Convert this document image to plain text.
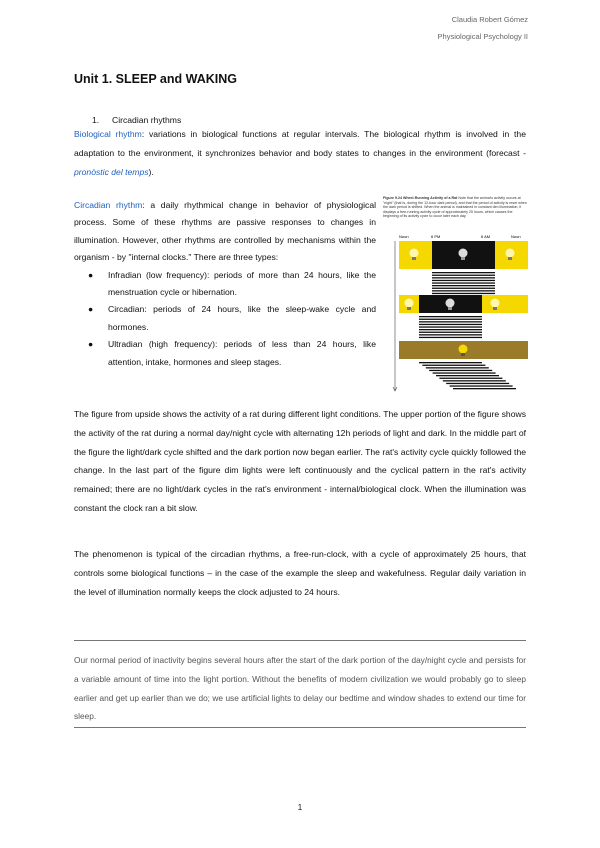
Claudia Robert Gómez
Physiological Psychology II
Unit 1. SLEEP and WAKING
1. Circadian rhythms

Biological rhythm: variations in biological functions at regular intervals. The biological rhythm is involved in the adaptation to the environment, it synchronizes behavior and body states to changes in the environment (forecast - pronòstic del temps).

Circadian rhythm: a daily rhythmical change in behavior of physiological process. Some of these rhythms are passive responses to changes in illumination. However, other rhythms are controlled by mechanisms within the organism - by "internal clocks." There are three types:

● Infradian (low frequency): periods of more than 24 hours, like the menstruation cycle or hibernation.
● Circadian: periods of 24 hours, like the sleep-wake cycle and hormones.
● Ultradian (high frequency): periods of less than 24 hours, like attention, intake, hormones and sleep stages.
Figure 9.24 Wheel-Running Activity of a Rat Note that the animal's activity occurs at "night" (that is, during the 12-hour dark period), and that the period of activity is reset when the dark period is shifted. When the animal is maintained in constant dim illumination, it displays a free-running activity cycle of approximately 25 hours, which causes the beginning of its activity cycle to occur later each day.
Noon	6 PM	6 AM	Noon

The figure from upside shows the activity of a rat during different light conditions. The upper portion of the figure shows the activity of the rat during a normal day/night cycle with alternating 12h periods of light and dark. In the middle part of the figure the light/dark cycle shifted and the dark portion now began earlier. The rat's activity cycle quickly followed the change. In the last part of the figure dim lights were left continuously and the cyclical pattern in the rat's activity remained; there are no light/dark cycles in the rat's environment - internal/biological clock. When the illumination was constant the clock ran a bit slow.

The phenomenon is typical of the circadian rhythms, a free-run-clock, with a cycle of approximately 25 hours, that controls some biological functions – in the case of the example the sleep and wakefulness. Regular daily variation in the level of illumination normally keeps the clock adjusted to 24 hours.

Our normal period of inactivity begins several hours after the start of the dark portion of the day/night cycle and persists for a variable amount of time into the light portion. Without the benefits of modern civilization we would probably go to sleep earlier and get up earlier than we do; we use artificial lights to delay our bedtime and window shades to extend our time for sleep.

1
